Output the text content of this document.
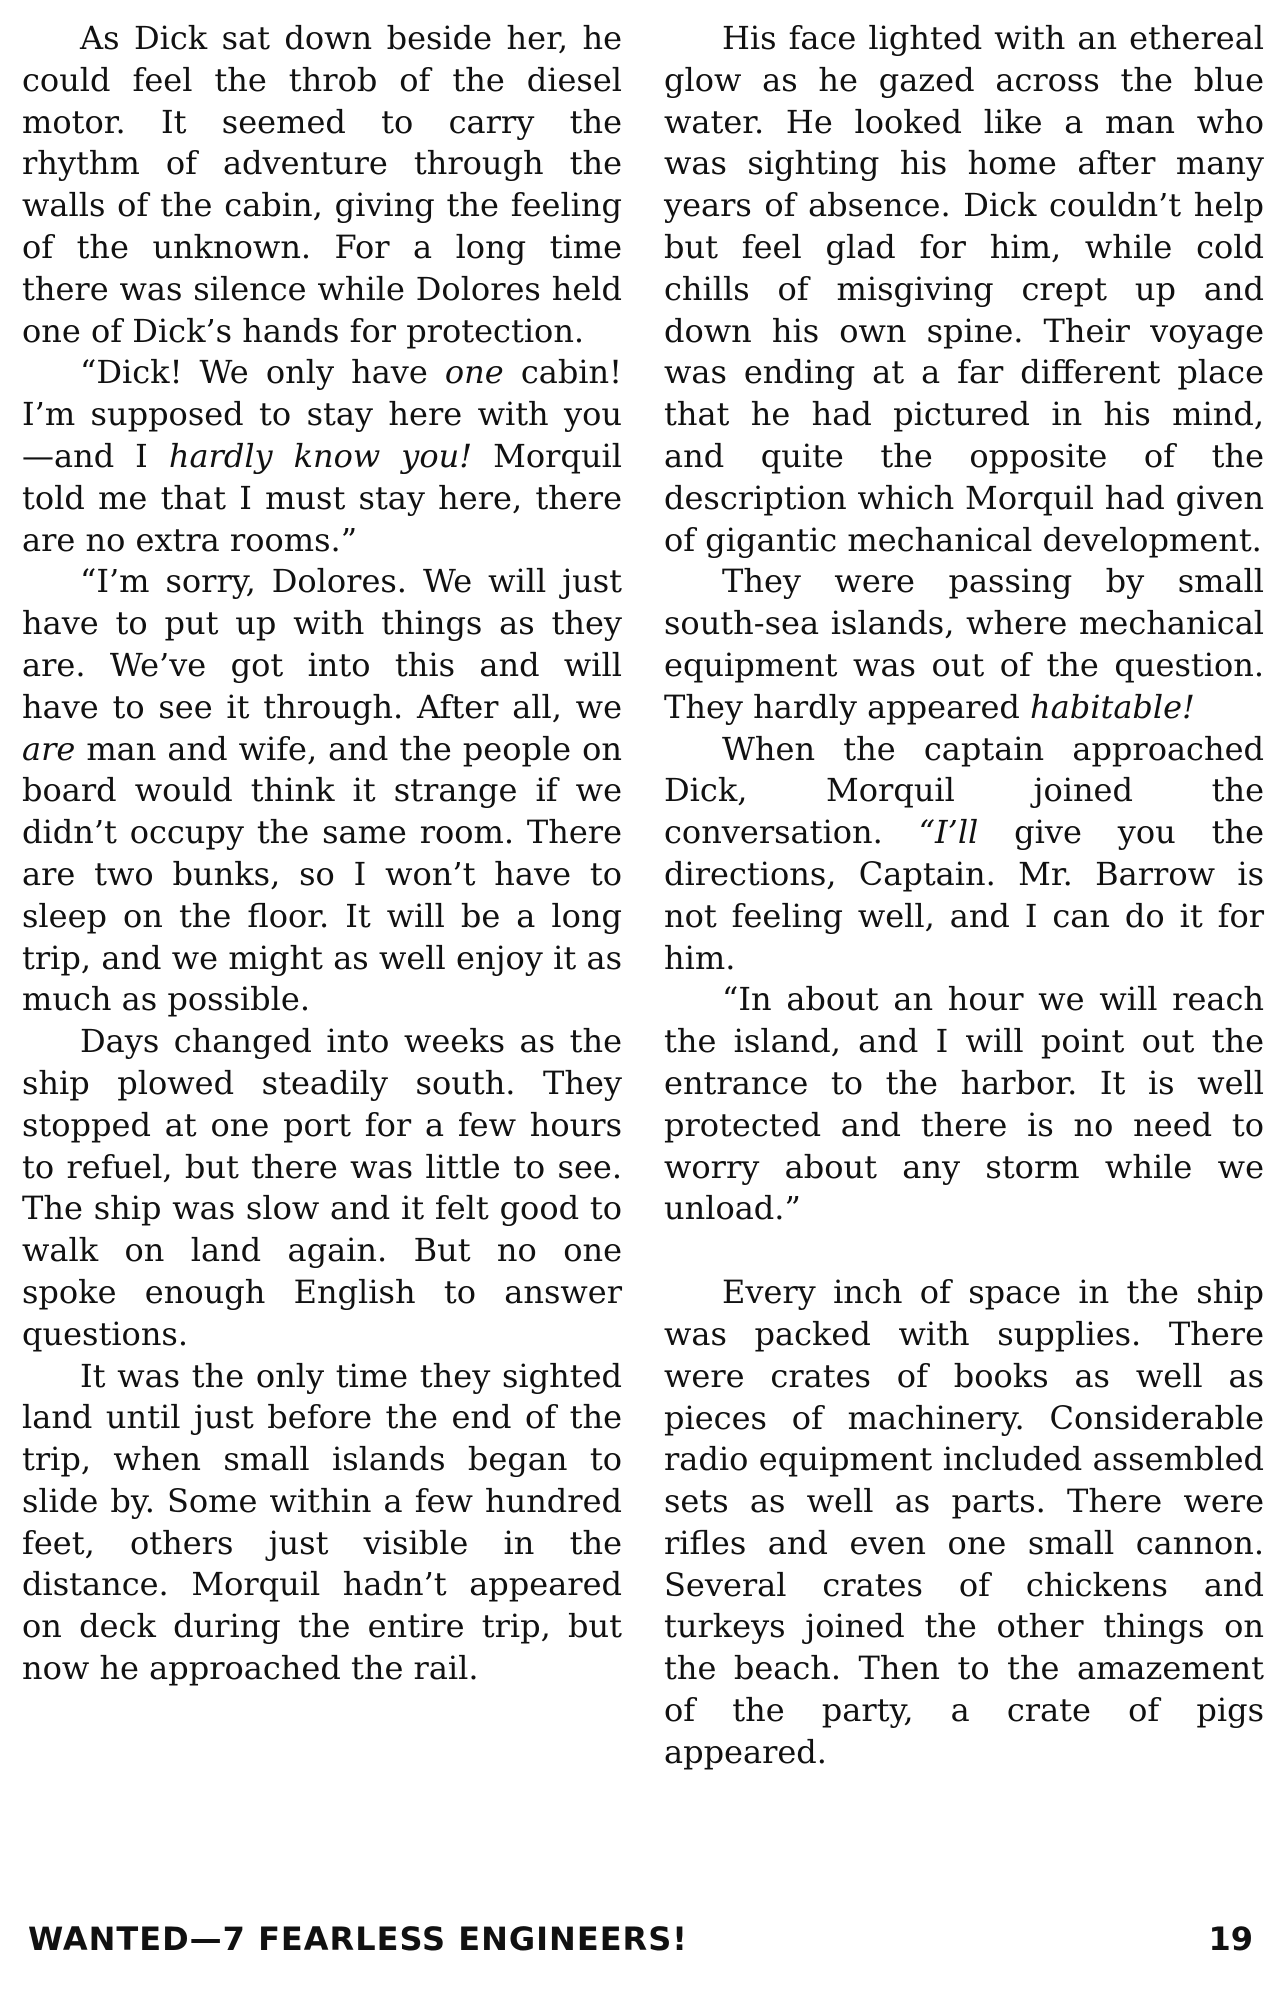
As Dick sat down beside her, he could feel the throb of the diesel motor. It seemed to carry the rhythm of adventure through the walls of the cabin, giving the feeling of the unknown. For a long time there was silence while Dolores held one of Dick’s hands for protection.

“Dick! We only have one cabin! I’m supposed to stay here with you—and I hardly know you! Morquil told me that I must stay here, there are no extra rooms.”

“I’m sorry, Dolores. We will just have to put up with things as they are. We’ve got into this and will have to see it through. After all, we are man and wife, and the people on board would think it strange if we didn’t occupy the same room. There are two bunks, so I won’t have to sleep on the floor. It will be a long trip, and we might as well enjoy it as much as possible.

Days changed into weeks as the ship plowed steadily south. They stopped at one port for a few hours to refuel, but there was little to see. The ship was slow and it felt good to walk on land again. But no one spoke enough English to answer questions.

It was the only time they sighted land until just before the end of the trip, when small islands began to slide by. Some within a few hundred feet, others just visible in the distance. Morquil hadn’t appeared on deck during the entire trip, but now he approached the rail.

His face lighted with an ethereal glow as he gazed across the blue water. He looked like a man who was sighting his home after many years of absence. Dick couldn’t help but feel glad for him, while cold chills of misgiving crept up and down his own spine. Their voyage was ending at a far different place that he had pictured in his mind, and quite the opposite of the description which Morquil had given of gigantic mechanical development.

They were passing by small south-sea islands, where mechanical equipment was out of the question. They hardly appeared habitable!

When the captain approached Dick, Morquil joined the conversation. “I’ll give you the directions, Captain. Mr. Barrow is not feeling well, and I can do it for him.

“In about an hour we will reach the island, and I will point out the entrance to the harbor. It is well protected and there is no need to worry about any storm while we unload.”

Every inch of space in the ship was packed with supplies. There were crates of books as well as pieces of machinery. Considerable radio equipment included assembled sets as well as parts. There were rifles and even one small cannon. Several crates of chickens and turkeys joined the other things on the beach. Then to the amazement of the party, a crate of pigs appeared.

WANTED—7 FEARLESS ENGINEERS!	19
